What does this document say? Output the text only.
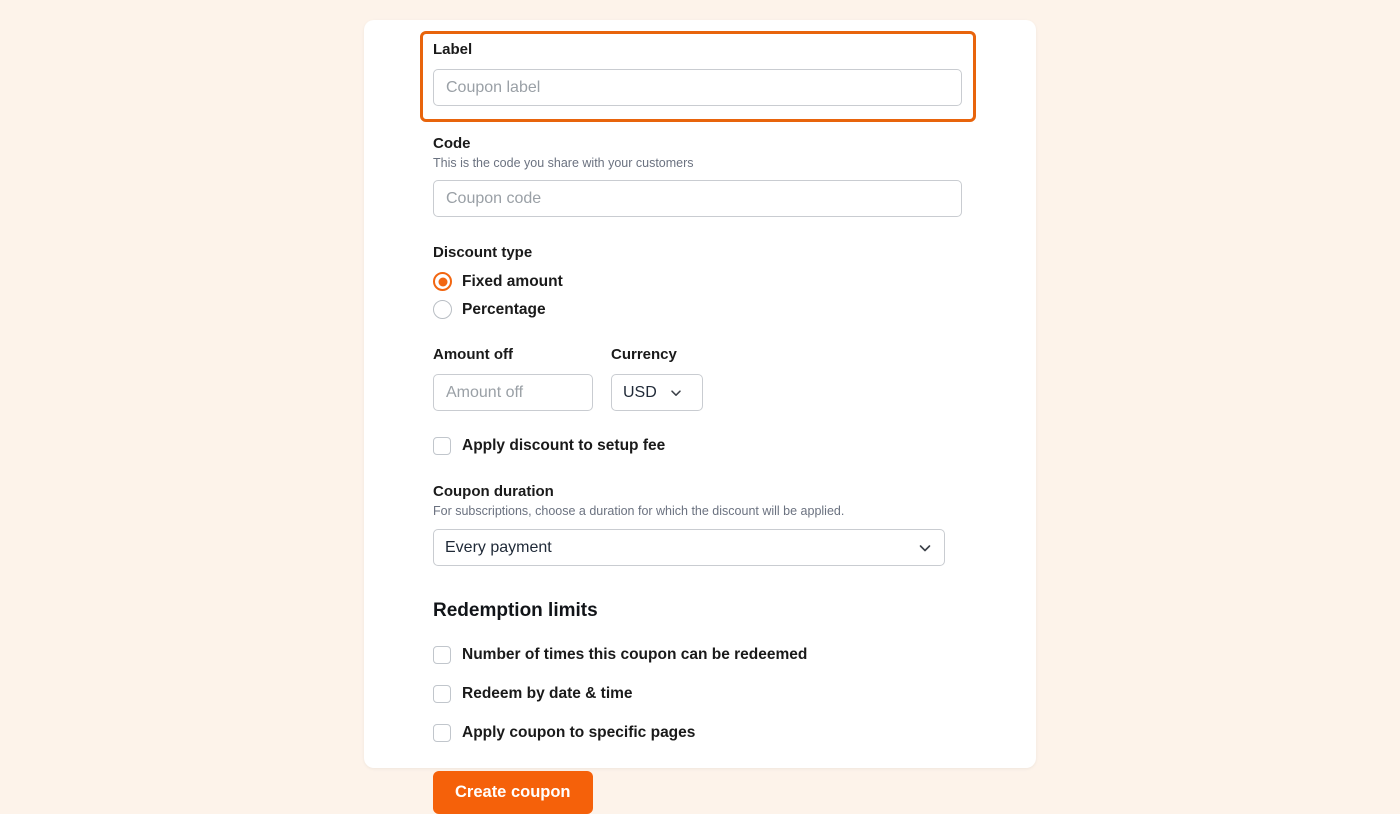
Label
Coupon label
Code
This is the code you share with your customers
Coupon code
Discount type
Fixed amount
Percentage
Amount off
Amount off	Currency
USD
Apply discount to setup fee
Coupon duration
For subscriptions, choose a duration for which the discount will be applied.
Every payment
Redemption limits
Number of times this coupon can be redeemed
Redeem by date & time
Apply coupon to specific pages
Create coupon
